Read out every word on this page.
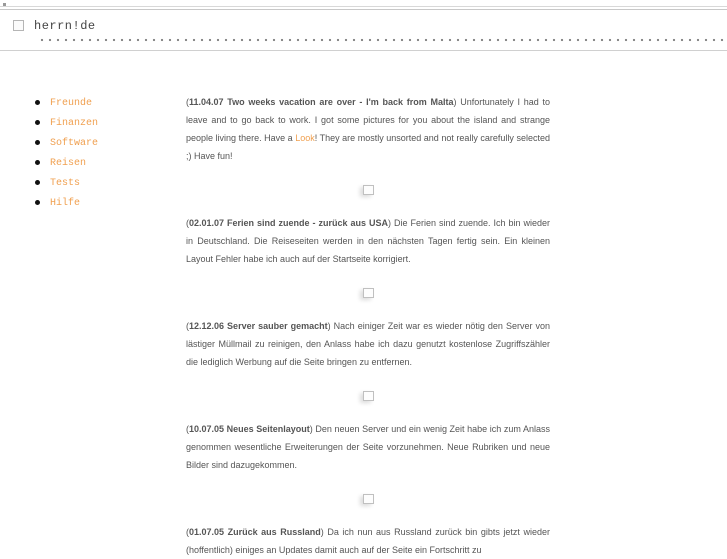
herrn!de
Freunde
Finanzen
Software
Reisen
Tests
Hilfe

(11.04.07 Two weeks vacation are over - I'm back from Malta) Unfortunately I had to leave and to go back to work. I got some pictures for you about the island and strange people living there. Have a Look! They are mostly unsorted and not really carefully selected ;) Have fun!

(02.01.07 Ferien sind zuende - zurück aus USA) Die Ferien sind zuende. Ich bin wieder in Deutschland. Die Reiseseiten werden in den nächsten Tagen fertig sein. Ein kleinen Layout Fehler habe ich auch auf der Startseite korrigiert.

(12.12.06 Server sauber gemacht) Nach einiger Zeit war es wieder nötig den Server von lästiger Müllmail zu reinigen, den Anlass habe ich dazu genutzt kostenlose Zugriffszähler die lediglich Werbung auf die Seite bringen zu entfernen.

(10.07.05 Neues Seitenlayout) Den neuen Server und ein wenig Zeit habe ich zum Anlass genommen wesentliche Erweiterungen der Seite vorzunehmen. Neue Rubriken und neue Bilder sind dazugekommen.

(01.07.05 Zurück aus Russland) Da ich nun aus Russland zurück bin gibts jetzt wieder (hoffentlich) einiges an Updates damit auch auf der Seite ein Fortschritt zu
